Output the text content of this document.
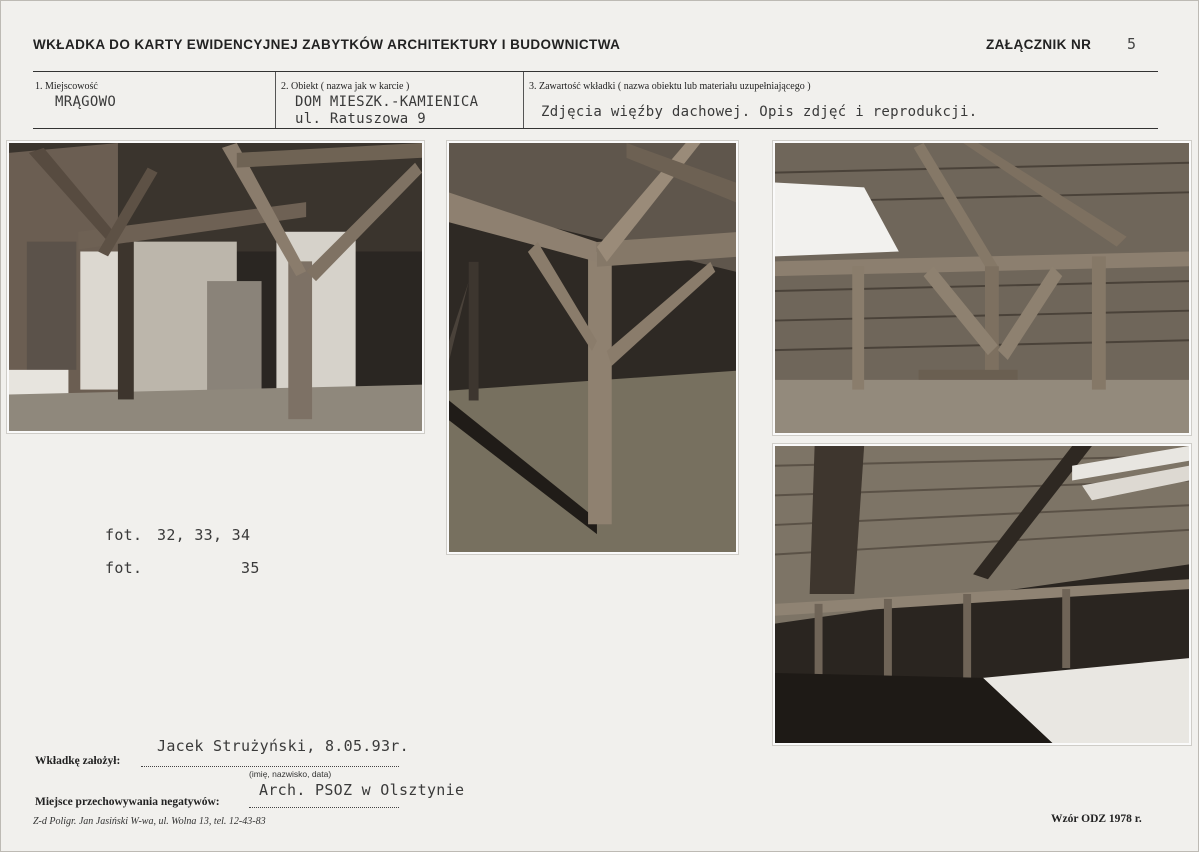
WKŁADKA DO KARTY EWIDENCYJNEJ ZABYTKÓW ARCHITEKTURY I BUDOWNICTWA	ZAŁĄCZNIK NR 5
1. Miejscowość
MRĄGOWO
2. Obiekt ( nazwa jak w karcie )
DOM MIESZK.-KAMIENICA
ul. Ratuszowa 9
3. Zawartość wkładki ( nazwa obiektu lub materiału uzupełniającego )
Zdjęcia więźby dachowej. Opis zdjęć i reprodukcji.
fot. 32, 33, 34
fot.	35
Jacek Strużyński, 8.05.93r.
Wkładkę założył:
(imię, nazwisko, data)
Arch. PSOZ w Olsztynie
Miejsce przechowywania negatywów:
Z-d Poligr. Jan Jasiński W-wa, ul. Wolna 13, tel. 12-43-83	Wzór ODZ 1978 r.
